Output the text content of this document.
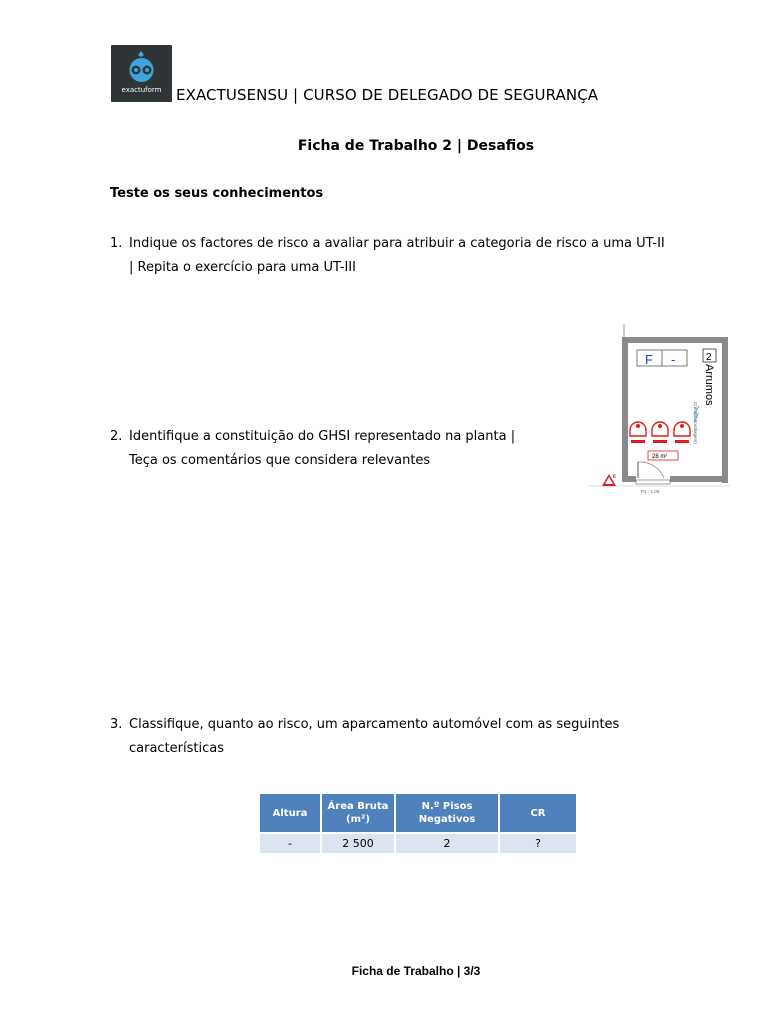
exactuform EXACTUSENSU | CURSO DE DELEGADO DE SEGURANÇA
Ficha de Trabalho 2 | Desafios
Teste os seus conhecimentos
1. Indique os factores de risco a avaliar para atribuir a categoria de risco a uma UT-II
| Repita o exercício para uma UT-III
2. Identifique a constituição do GHSI representado na planta |
Teça os comentários que considera relevantes
F -	2
Arrumos
(Central Bombagem)
28 m²
6
P1 - 1.09
3. Classifique, quanto ao risco, um aparcamento automóvel com as seguintes
características
Altura	Área Bruta (m²)	N.º Pisos Negativos	CR
-	2 500	2	?
Ficha de Trabalho | 3/3
